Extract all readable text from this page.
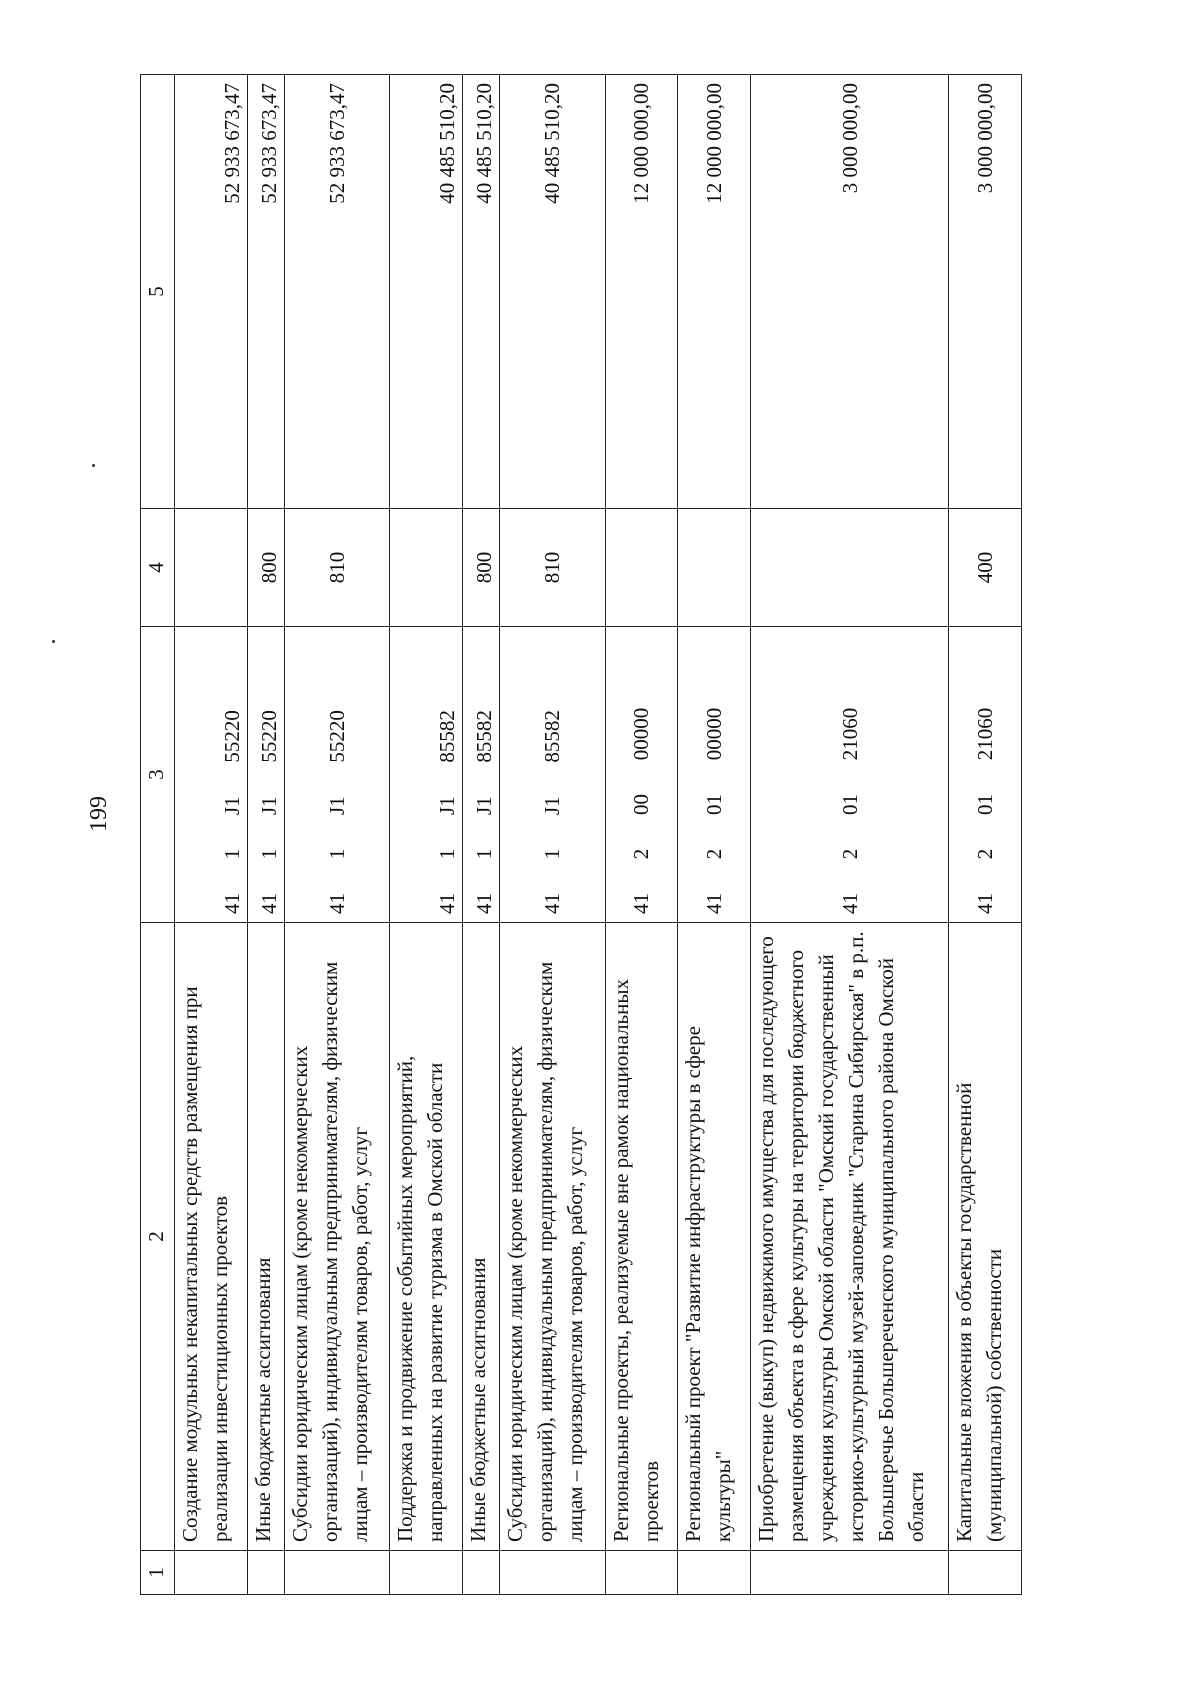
199
1	2	3	4	5
	Создание модульных некапитальных средств размещения при реализации инвестиционных проектов	41   1   J1   55220		52 933 673,47
	Иные бюджетные ассигнования	41   1   J1   55220	800	52 933 673,47
	Субсидии юридическим лицам (кроме некоммерческих организаций), индивидуальным предпринимателям, физическим лицам – производителям товаров, работ, услуг	41   1   J1   55220	810	52 933 673,47
	Поддержка и продвижение событийных мероприятий, направленных на развитие туризма в Омской области	41   1   J1   85582		40 485 510,20
	Иные бюджетные ассигнования	41   1   J1   85582	800	40 485 510,20
	Субсидии юридическим лицам (кроме некоммерческих организаций), индивидуальным предпринимателям, физическим лицам – производителям товаров, работ, услуг	41   1   J1   85582	810	40 485 510,20
	Региональные проекты, реализуемые вне рамок национальных проектов	41   2   00   00000		12 000 000,00
	Региональный проект "Развитие инфраструктуры в сфере культуры"	41   2   01   00000		12 000 000,00
	Приобретение (выкуп) недвижимого имущества для последующего размещения объекта в сфере культуры на территории бюджетного учреждения культуры Омской области "Омский государственный историко-культурный музей-заповедник "Старина Сибирская" в р.п. Большеречье Большереченского муниципального района Омской области	41   2   01   21060		3 000 000,00
	Капитальные вложения в объекты государственной (муниципальной) собственности	41   2   01   21060	400	3 000 000,00
